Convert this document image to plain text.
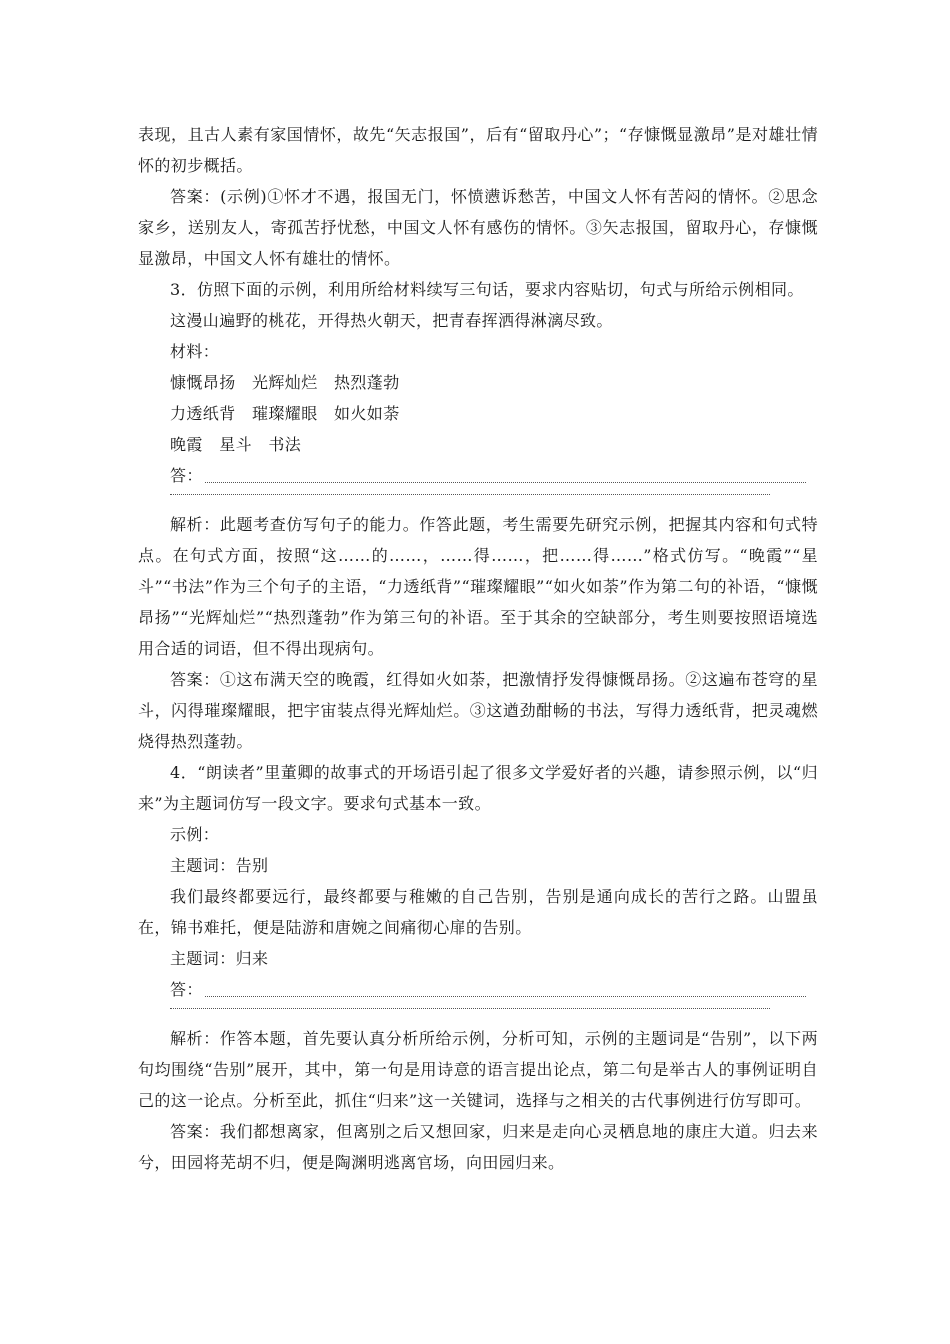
表现，且古人素有家国情怀，故先“矢志报国”，后有“留取丹心”；“存慷慨显激昂”是对雄壮情怀的初步概括。

答案：(示例)①怀才不遇，报国无门，怀愤懑诉愁苦，中国文人怀有苦闷的情怀。②思念家乡，送别友人，寄孤苦抒忧愁，中国文人怀有感伤的情怀。③矢志报国，留取丹心，存慷慨显激昂，中国文人怀有雄壮的情怀。

3．仿照下面的示例，利用所给材料续写三句话，要求内容贴切，句式与所给示例相同。

这漫山遍野的桃花，开得热火朝天，把青春挥洒得淋漓尽致。

材料：

慷慨昂扬　光辉灿烂　热烈蓬勃

力透纸背　璀璨耀眼　如火如荼

晚霞　星斗　书法

答：

解析：此题考查仿写句子的能力。作答此题，考生需要先研究示例，把握其内容和句式特点。在句式方面，按照“这……的……，……得……，把……得……”格式仿写。“晚霞”“星斗”“书法”作为三个句子的主语，“力透纸背”“璀璨耀眼”“如火如荼”作为第二句的补语，“慷慨昂扬”“光辉灿烂”“热烈蓬勃”作为第三句的补语。至于其余的空缺部分，考生则要按照语境选用合适的词语，但不得出现病句。

答案：①这布满天空的晚霞，红得如火如荼，把激情抒发得慷慨昂扬。②这遍布苍穹的星斗，闪得璀璨耀眼，把宇宙装点得光辉灿烂。③这遒劲酣畅的书法，写得力透纸背，把灵魂燃烧得热烈蓬勃。

4．“朗读者”里董卿的故事式的开场语引起了很多文学爱好者的兴趣，请参照示例，以“归来”为主题词仿写一段文字。要求句式基本一致。

示例：

主题词：告别

我们最终都要远行，最终都要与稚嫩的自己告别，告别是通向成长的苦行之路。山盟虽在，锦书难托，便是陆游和唐婉之间痛彻心扉的告别。

主题词：归来

答：

解析：作答本题，首先要认真分析所给示例，分析可知，示例的主题词是“告别”，以下两句均围绕“告别”展开，其中，第一句是用诗意的语言提出论点，第二句是举古人的事例证明自己的这一论点。分析至此，抓住“归来”这一关键词，选择与之相关的古代事例进行仿写即可。

答案：我们都想离家，但离别之后又想回家，归来是走向心灵栖息地的康庄大道。归去来兮，田园将芜胡不归，便是陶渊明逃离官场，向田园归来。
